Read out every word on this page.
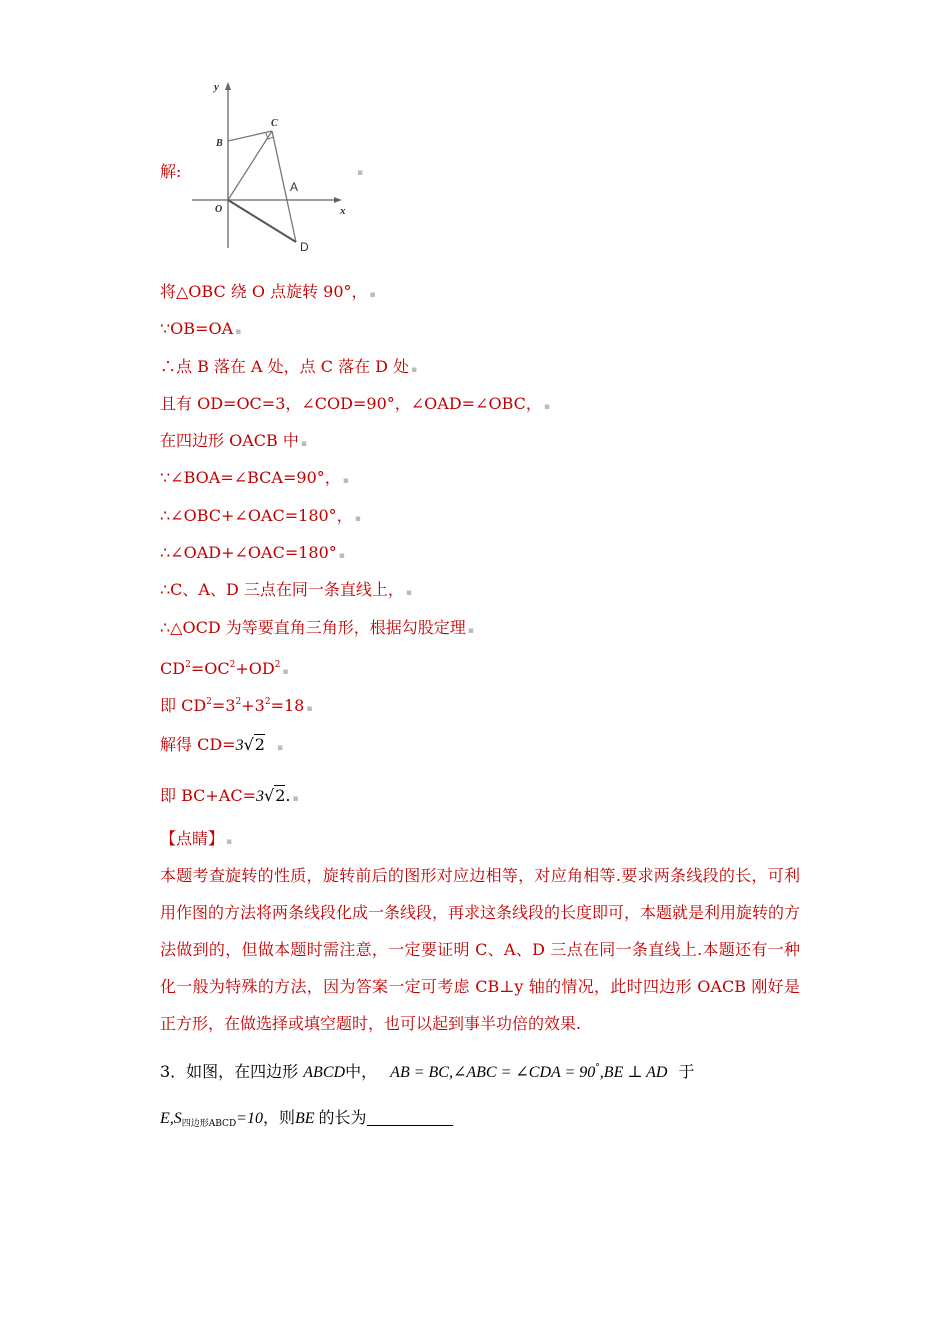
y
x
O
B
C
A
D
解:	▪
将△OBC 绕 O 点旋转 90°， ▪
∵OB=OA ▪
∴点 B 落在 A 处，点 C 落在 D 处 ▪
且有 OD=OC=3，∠COD=90°，∠OAD=∠OBC， ▪
在四边形 OACB 中 ▪
∵∠BOA=∠BCA=90°， ▪
∴∠OBC+∠OAC=180°， ▪
∴∠OAD+∠OAC=180° ▪
∴C、A、D 三点在同一条直线上， ▪
∴△OCD 为等要直角三角形，根据勾股定理 ▪
$CD^2=OC^2+OD^2▪$
即 $CD^2=3^2+3^2=18$ ▪
解得 CD=3√2 ▪
即 BC+AC=3√2. ▪
【点睛】 ▪
本题考查旋转的性质，旋转前后的图形对应边相等，对应角相等.要求两条线段的长，可利用作图的方法将两条线段化成一条线段，再求这条线段的长度即可，本题就是利用旋转的方法做到的，但做本题时需注意，一定要证明 C、A、D 三点在同一条直线上.本题还有一种化一般为特殊的方法，因为答案一定可考虑 CB⊥y 轴的情况，此时四边形 OACB 刚好是正方形，在做选择或填空题时，也可以起到事半功倍的效果.
3．如图，在四边形 ABCD中， AB = BC,∠ABC = ∠CDA = 90°,BE ⊥ AD 于
$E,S_{四边形ABCD}=10$，则BE 的长为
